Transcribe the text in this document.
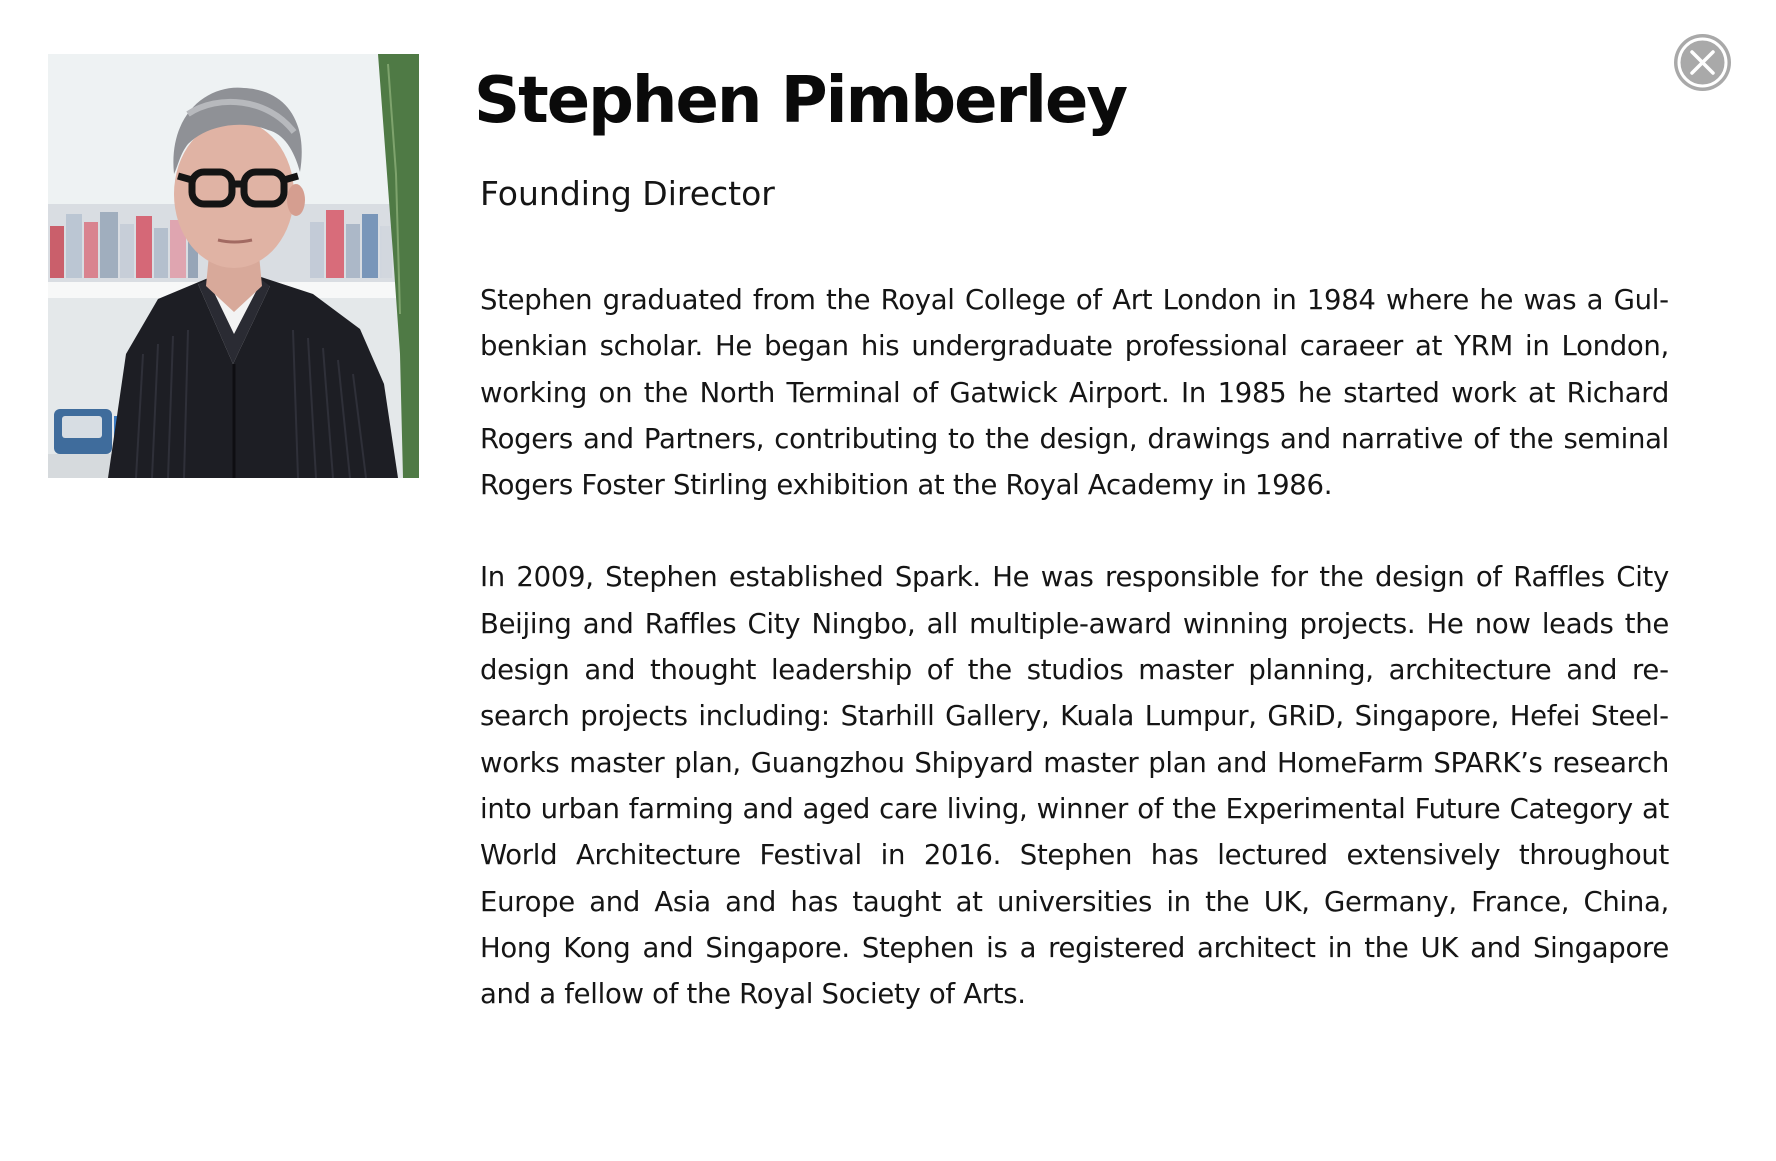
Stephen Pimberley
Founding Director

Stephen graduated from the Royal College of Art London in 1984 where he was a Gulbenkian scholar. He began his undergraduate professional caraeer at YRM in London, working on the North Terminal of Gatwick Airport. In 1985 he started work at Richard Rogers and Partners, contributing to the design, drawings and narrative of the seminal Rogers Foster Stirling exhibition at the Royal Academy in 1986.

In 2009, Stephen established Spark. He was responsible for the design of Raffles City Beijing and Raffles City Ningbo, all multiple-award winning projects. He now leads the design and thought leadership of the studios master planning, architecture and research projects including: Starhill Gallery, Kuala Lumpur, GRiD, Singapore, Hefei Steelworks master plan, Guangzhou Shipyard master plan and HomeFarm SPARK’s research into urban farming and aged care living, winner of the Experimental Future Category at World Architecture Festival in 2016. Stephen has lectured extensively throughout Europe and Asia and has taught at universities in the UK, Germany, France, China, Hong Kong and Singapore. Stephen is a registered architect in the UK and Singapore and a fellow of the Royal Society of Arts.
